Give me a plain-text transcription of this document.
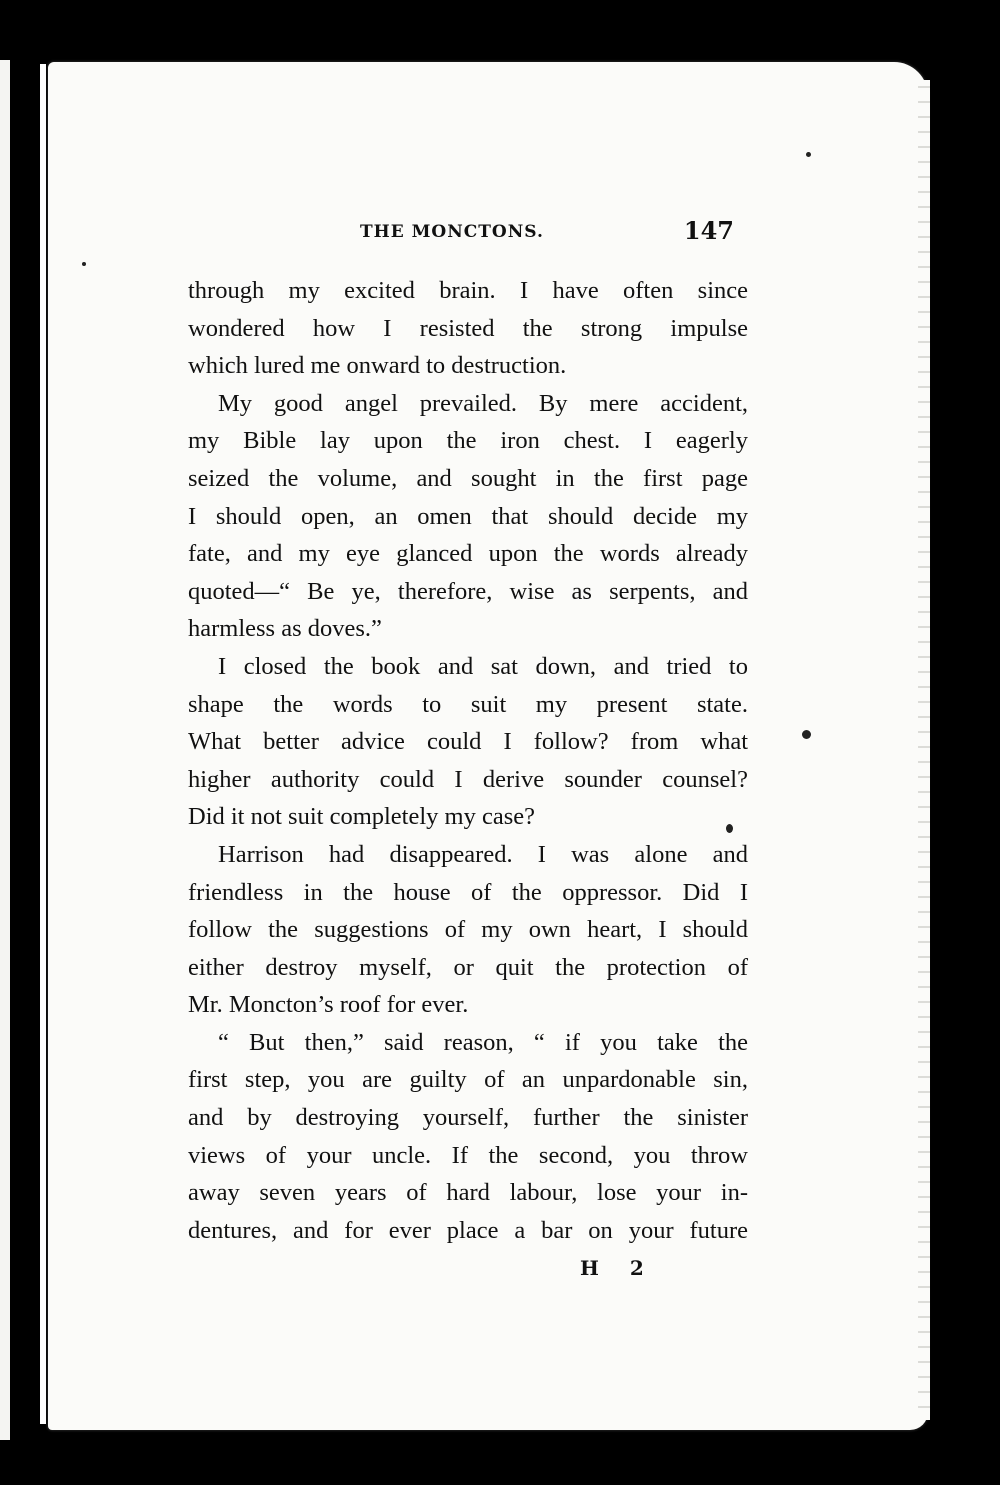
THE MONCTONS.	147

through my excited brain. I have often since
wondered how I resisted the strong impulse
which lured me onward to destruction.

My good angel prevailed. By mere accident,
my Bible lay upon the iron chest. I eagerly
seized the volume, and sought in the first page
I should open, an omen that should decide my
fate, and my eye glanced upon the words already
quoted—“ Be ye, therefore, wise as serpents, and
harmless as doves.”

I closed the book and sat down, and tried to
shape the words to suit my present state.
What better advice could I follow? from what
higher authority could I derive sounder counsel?
Did it not suit completely my case?

Harrison had disappeared. I was alone and
friendless in the house of the oppressor. Did I
follow the suggestions of my own heart, I should
either destroy myself, or quit the protection of
Mr. Moncton’s roof for ever.

“ But then,” said reason, “ if you take the
first step, you are guilty of an unpardonable sin,
and by destroying yourself, further the sinister
views of your uncle. If the second, you throw
away seven years of hard labour, lose your in-
dentures, and for ever place a bar on your future

H 2
